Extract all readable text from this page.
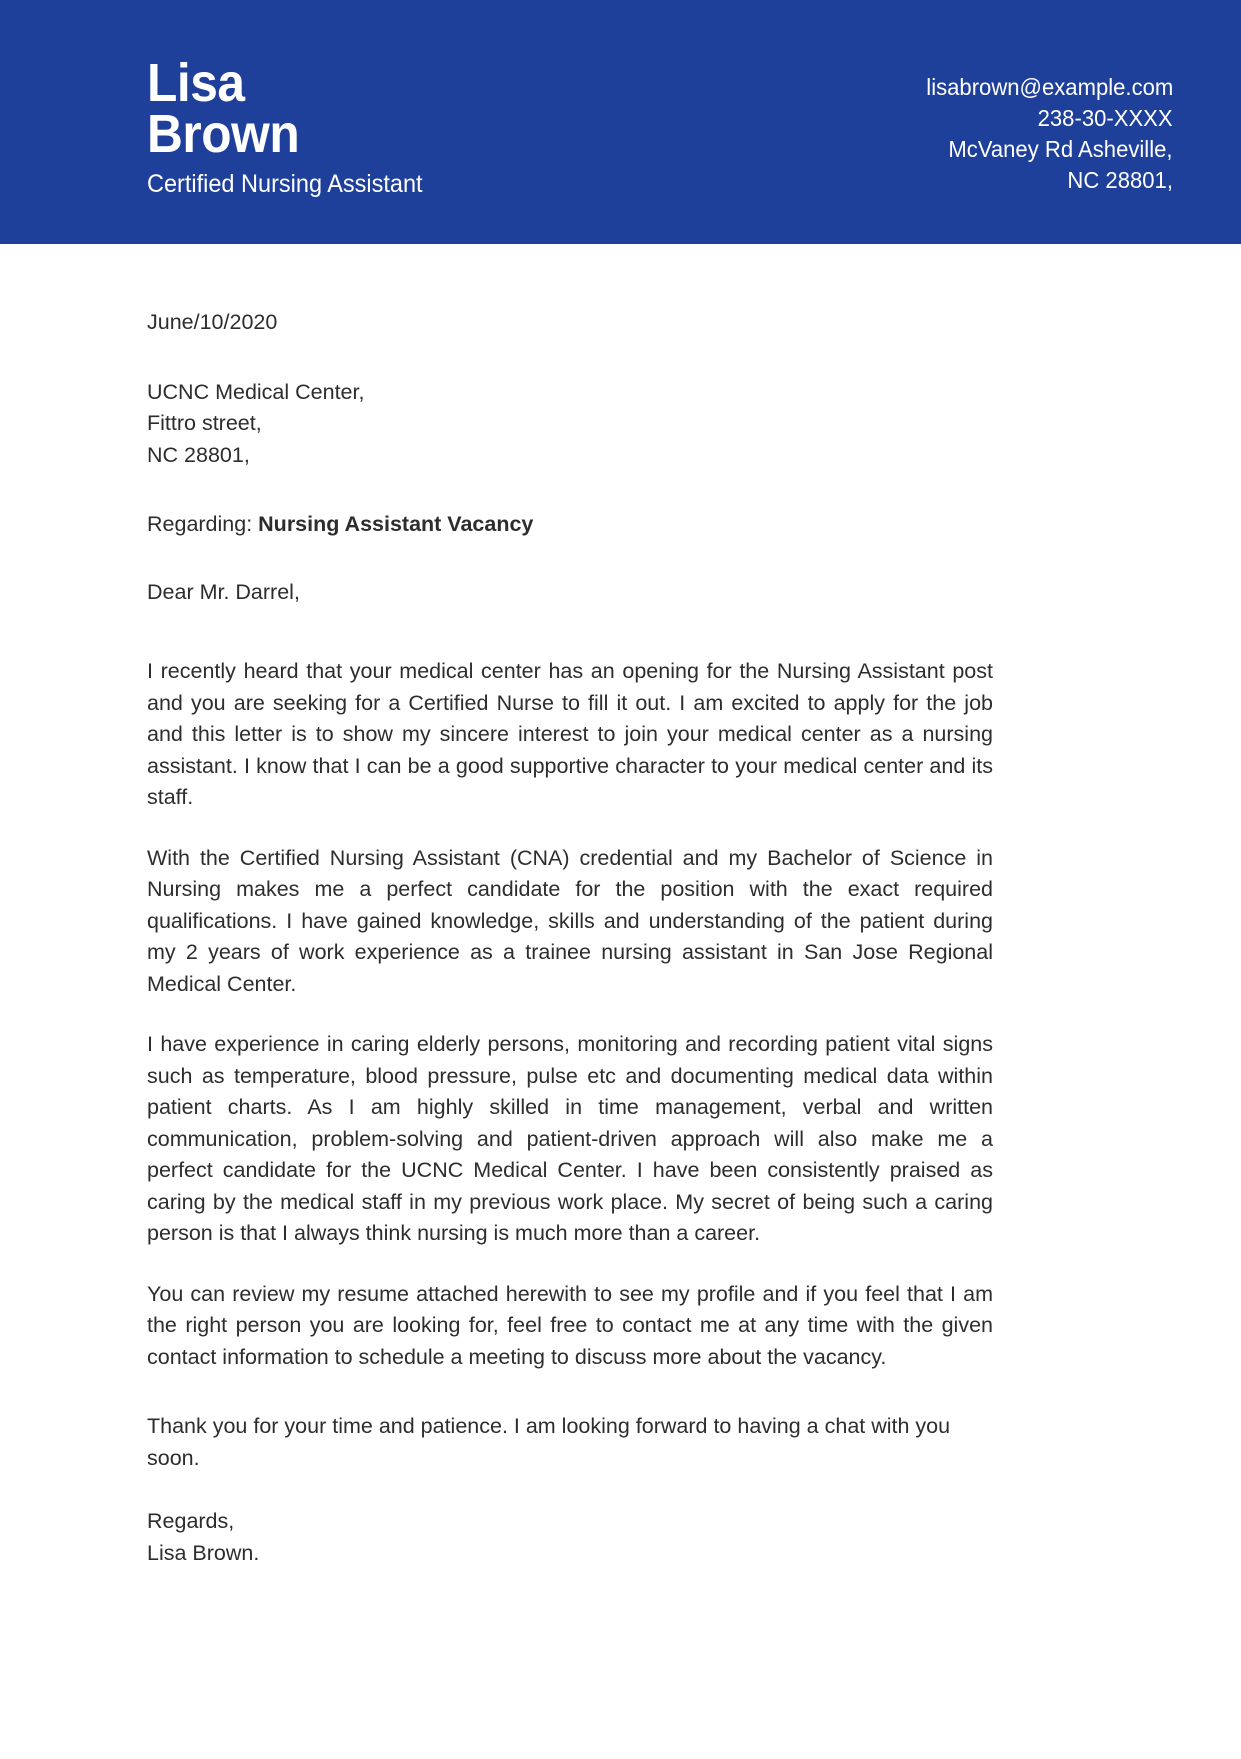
Lisa
Brown
Certified Nursing Assistant
lisabrown@example.com
238-30-XXXX
McVaney Rd Asheville,
NC 28801,
June/10/2020
UCNC Medical Center,
Fittro street,
NC 28801,
Regarding: Nursing Assistant Vacancy
Dear Mr. Darrel,

I recently heard that your medical center has an opening for the Nursing Assistant post and you are seeking for a Certified Nurse to fill it out. I am excited to apply for the job and this letter is to show my sincere interest to join your medical center as a nursing assistant. I know that I can be a good supportive character to your medical center and its staff.

With the Certified Nursing Assistant (CNA) credential and my Bachelor of Science in Nursing makes me a perfect candidate for the position with the exact required qualifications. I have gained knowledge, skills and understanding of the patient during my 2 years of work experience as a trainee nursing assistant in San Jose Regional Medical Center.

I have experience in caring elderly persons, monitoring and recording patient vital signs such as temperature, blood pressure, pulse etc and documenting medical data within patient charts. As I am highly skilled in time management, verbal and written communication, problem-solving and patient-driven approach will also make me a perfect candidate for the UCNC Medical Center. I have been consistently praised as caring by the medical staff in my previous work place. My secret of being such a caring person is that I always think nursing is much more than a career.

You can review my resume attached herewith to see my profile and if you feel that I am the right person you are looking for, feel free to contact me at any time with the given contact information to schedule a meeting to discuss more about the vacancy.

Thank you for your time and patience. I am looking forward to having a chat with you soon.
Regards,
Lisa Brown.
